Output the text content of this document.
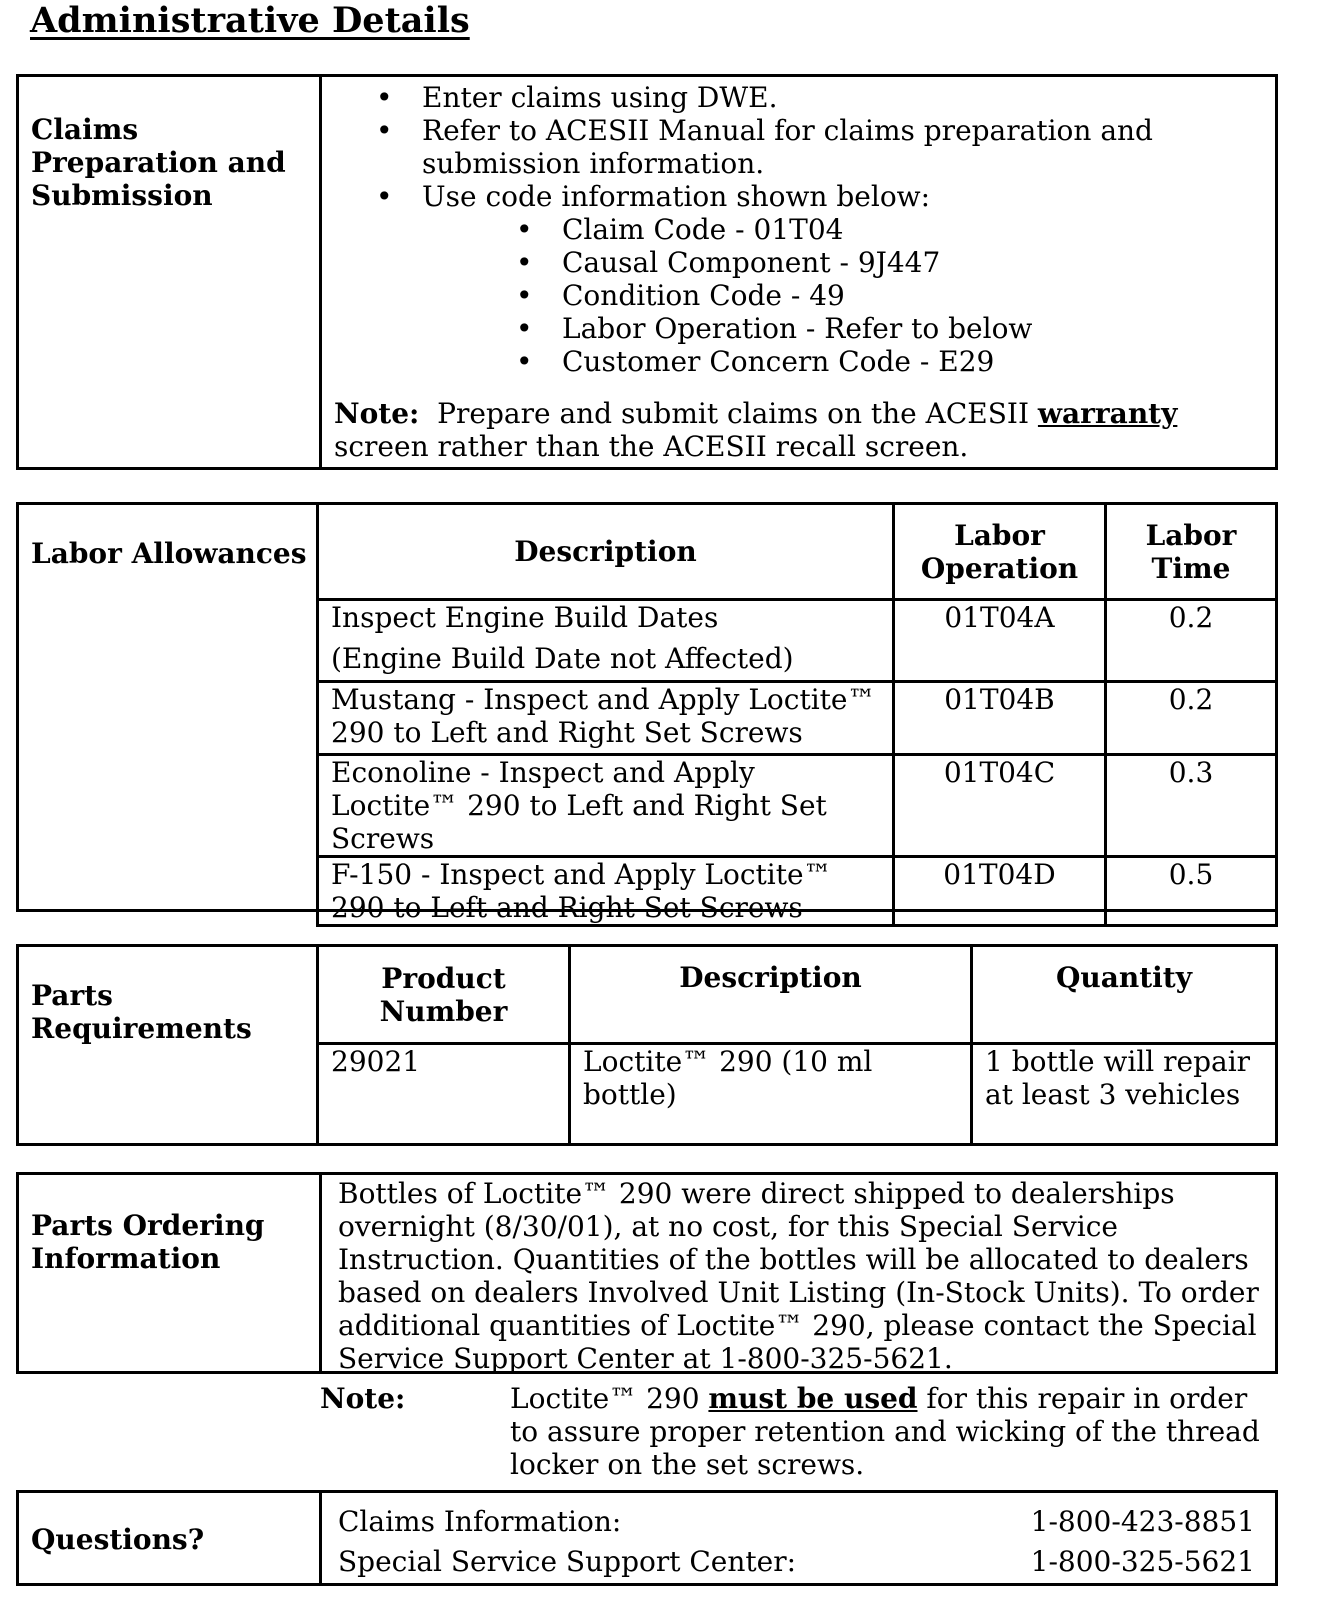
Administrative Details
Claims Preparation and Submission
• Enter claims using DWE.
• Refer to ACESII Manual for claims preparation and submission information.
• Use code information shown below:
• Claim Code - 01T04
• Causal Component - 9J447
• Condition Code - 49
• Labor Operation - Refer to below
• Customer Concern Code - E29
Note: Prepare and submit claims on the ACESII warranty screen rather than the ACESII recall screen.
Labor Allowances	Description	Labor Operation	Labor Time

Inspect Engine Build Dates
(Engine Build Date not Affected)	01T04A	0.2
Mustang - Inspect and Apply Loctite™ 290 to Left and Right Set Screws	01T04B	0.2
Econoline - Inspect and Apply Loctite™ 290 to Left and Right Set Screws	01T04C	0.3
F-150 - Inspect and Apply Loctite™ 290 to Left and Right Set Screws	01T04D	0.5
Parts Requirements
Product Number	Description	Quantity
29021	Loctite™ 290 (10 ml bottle)	1 bottle will repair at least 3 vehicles
Parts Ordering Information
Bottles of Loctite™ 290 were direct shipped to dealerships overnight (8/30/01), at no cost, for this Special Service Instruction. Quantities of the bottles will be allocated to dealers based on dealers Involved Unit Listing (In-Stock Units). To order additional quantities of Loctite™ 290, please contact the Special Service Support Center at 1-800-325-5621.
Note:	Loctite™ 290 must be used for this repair in order to assure proper retention and wicking of the thread locker on the set screws.
Questions?
Claims Information:	1-800-423-8851
Special Service Support Center:	1-800-325-5621
